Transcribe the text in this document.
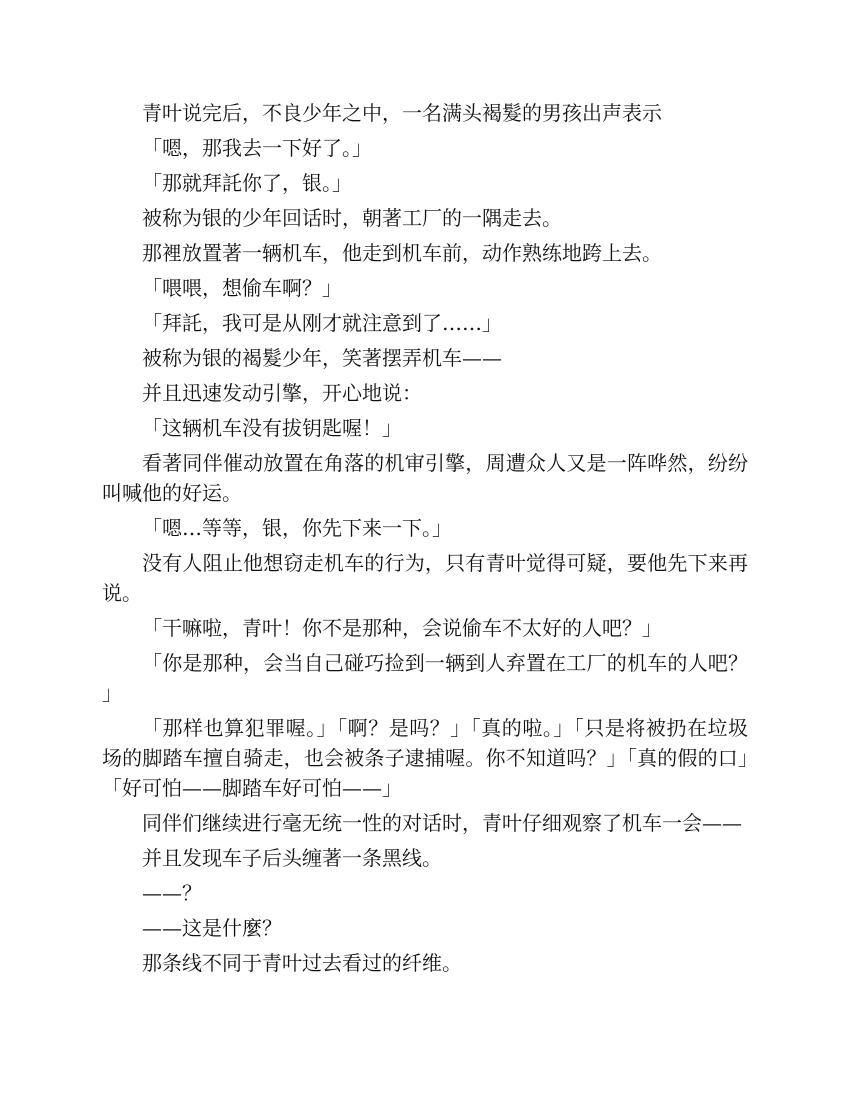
青叶说完后，不良少年之中，一名满头褐髮的男孩出声表示

「嗯，那我去一下好了。」

「那就拜託你了，银。」

被称为银的少年回话时，朝著工厂的一隅走去。

那裡放置著一辆机车，他走到机车前，动作熟练地跨上去。

「喂喂，想偷车啊？」

「拜託，我可是从刚才就注意到了……」

被称为银的褐髮少年，笑著摆弄机车——

并且迅速发动引擎，开心地说：

「这辆机车没有拔钥匙喔！」

看著同伴催动放置在角落的机审引擎，周遭众人又是一阵哗然，纷纷叫喊他的好运。

「嗯…等等，银，你先下来一下。」

没有人阻止他想窃走机车的行为，只有青叶觉得可疑，要他先下来再说。

「干嘛啦，青叶！你不是那种，会说偷车不太好的人吧？」

「你是那种，会当自己碰巧捡到一辆到人弃置在工厂的机车的人吧？」

「那样也算犯罪喔。」「啊？是吗？」「真的啦。」「只是将被扔在垃圾场的脚踏车擅自骑走，也会被条子逮捕喔。你不知道吗？」「真的假的口」「好可怕——脚踏车好可怕——」

同伴们继续进行毫无统一性的对话时，青叶仔细观察了机车一会——

并且发现车子后头缠著一条黑线。

——？

——这是什麼？

那条线不同于青叶过去看过的纤维。
